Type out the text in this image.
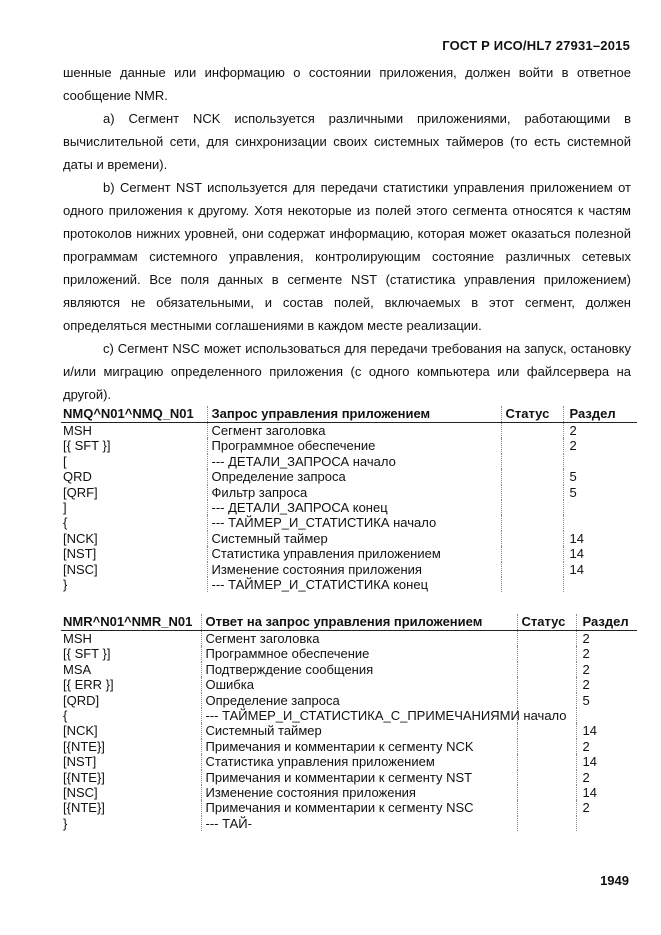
ГОСТ Р ИСО/HL7 27931–2015

шенные данные или информацию о состоянии приложения, должен войти в ответное сообщение NMR.

a) Сегмент NCK используется различными приложениями, работающими в вычислительной сети, для синхронизации своих системных таймеров (то есть системной даты и времени).

b) Сегмент NST используется для передачи статистики управления приложением от одного приложения к другому. Хотя некоторые из полей этого сегмента относятся к частям протоколов нижних уровней, они содержат информацию, которая может оказаться полезной программам системного управления, контролирующим состояние различных сетевых приложений. Все поля данных в сегменте NST (статистика управления приложением) являются не обязательными, и состав полей, включаемых в этот сегмент, должен определяться местными соглашениями в каждом месте реализации.

c) Сегмент NSC может использоваться для передачи требования на запуск, остановку и/или миграцию определенного приложения (с одного компьютера или файлсервера на другой).

NMQ^N01^NMQ_N01	Запрос управления приложением	Статус	Раздел
MSH	Сегмент заголовка		2
[{ SFT }]	Программное обеспечение		2
[	--- ДЕТАЛИ_ЗАПРОСА начало		
QRD	Определение запроса		5
[QRF]	Фильтр запроса		5
]	--- ДЕТАЛИ_ЗАПРОСА конец		
{	--- ТАЙМЕР_И_СТАТИСТИКА начало		
[NCK]	Системный таймер		14
[NST]	Статистика управления приложением		14
[NSC]	Изменение состояния приложения		14
}	--- ТАЙМЕР_И_СТАТИСТИКА конец		
NMR^N01^NMR_N01	Ответ на запрос управления приложением	Статус	Раздел
MSH	Сегмент заголовка		2
[{ SFT }]	Программное обеспечение		2
MSA	Подтверждение сообщения		2
[{ ERR }]	Ошибка		2
[QRD]	Определение запроса		5
{	--- ТАЙМЕР_И_СТАТИСТИКА_С_ПРИМЕЧАНИЯМИ начало		
[NCK]	Системный таймер		14
[{NTE}]	Примечания и комментарии к сегменту NCK		2
[NST]	Статистика управления приложением		14
[{NTE}]	Примечания и комментарии к сегменту NST		2
[NSC]	Изменение состояния приложения		14
[{NTE}]	Примечания и комментарии к сегменту NSC		2
}	--- ТАЙ-		
1949
